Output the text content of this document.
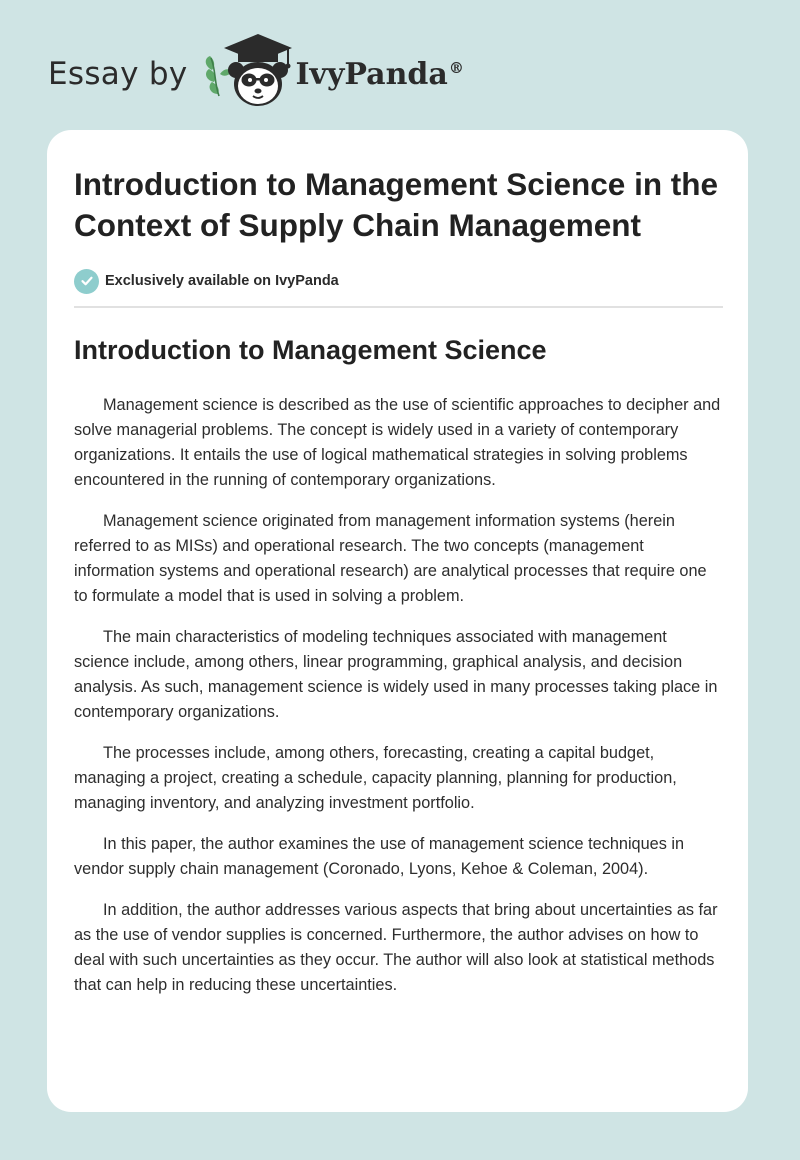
Essay by	IvyPanda®
Introduction to Management Science in the Context of Supply Chain Management
Exclusively available on IvyPanda
Introduction to Management Science

Management science is described as the use of scientific approaches to decipher and solve managerial problems. The concept is widely used in a variety of contemporary organizations. It entails the use of logical mathematical strategies in solving problems encountered in the running of contemporary organizations.

Management science originated from management information systems (herein referred to as MISs) and operational research. The two concepts (management information systems and operational research) are analytical processes that require one to formulate a model that is used in solving a problem.

The main characteristics of modeling techniques associated with management science include, among others, linear programming, graphical analysis, and decision analysis. As such, management science is widely used in many processes taking place in contemporary organizations.

The processes include, among others, forecasting, creating a capital budget, managing a project, creating a schedule, capacity planning, planning for production, managing inventory, and analyzing investment portfolio.

In this paper, the author examines the use of management science techniques in vendor supply chain management (Coronado, Lyons, Kehoe & Coleman, 2004).

In addition, the author addresses various aspects that bring about uncertainties as far as the use of vendor supplies is concerned. Furthermore, the author advises on how to deal with such uncertainties as they occur. The author will also look at statistical methods that can help in reducing these uncertainties.
